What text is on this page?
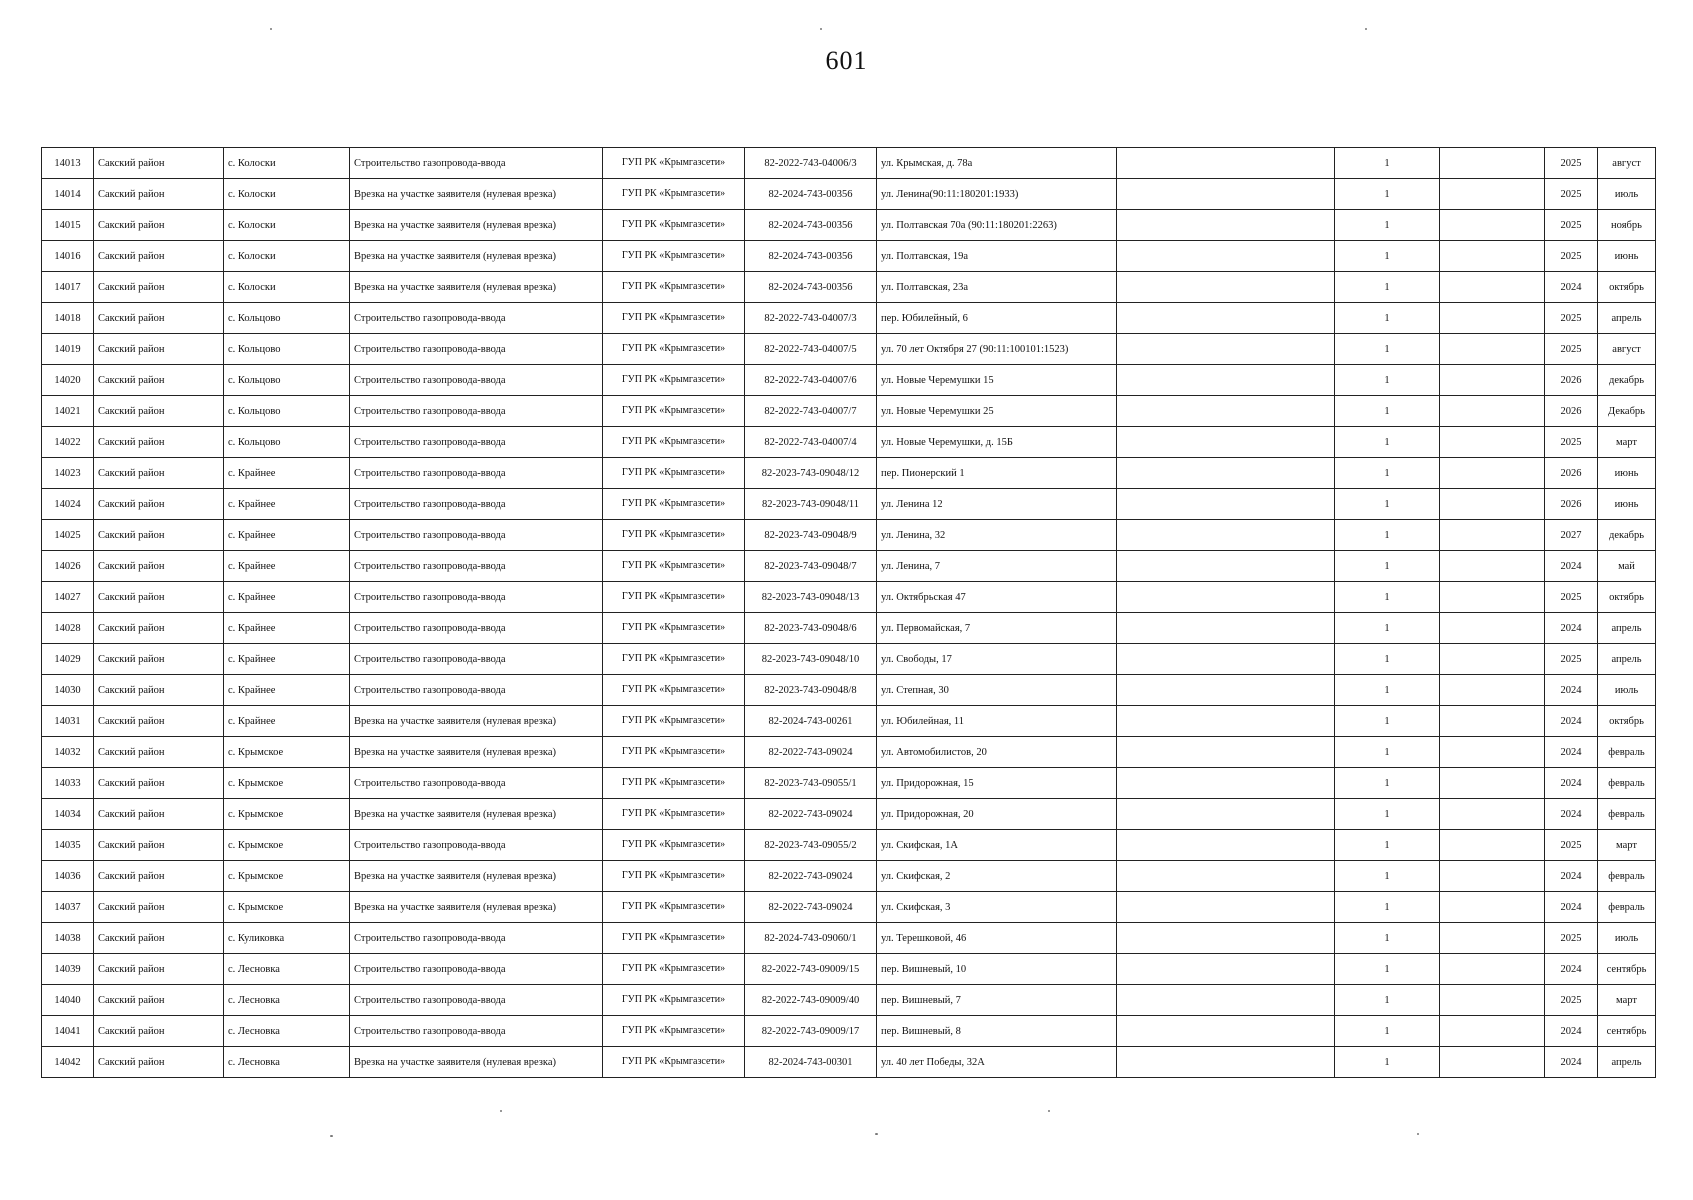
601
14013	Сакский район	с. Колоски	Строительство газопровода-ввода	ГУП РК «Крымгазсети»	82-2022-743-04006/3	ул. Крымская, д. 78а		1		2025	август
14014	Сакский район	с. Колоски	Врезка на участке заявителя (нулевая врезка)	ГУП РК «Крымгазсети»	82-2024-743-00356	ул. Ленина(90:11:180201:1933)		1		2025	июль
14015	Сакский район	с. Колоски	Врезка на участке заявителя (нулевая врезка)	ГУП РК «Крымгазсети»	82-2024-743-00356	ул. Полтавская 70а (90:11:180201:2263)		1		2025	ноябрь
14016	Сакский район	с. Колоски	Врезка на участке заявителя (нулевая врезка)	ГУП РК «Крымгазсети»	82-2024-743-00356	ул. Полтавская, 19а		1		2025	июнь
14017	Сакский район	с. Колоски	Врезка на участке заявителя (нулевая врезка)	ГУП РК «Крымгазсети»	82-2024-743-00356	ул. Полтавская, 23а		1		2024	октябрь
14018	Сакский район	с. Кольцово	Строительство газопровода-ввода	ГУП РК «Крымгазсети»	82-2022-743-04007/3	пер. Юбилейный, 6		1		2025	апрель
14019	Сакский район	с. Кольцово	Строительство газопровода-ввода	ГУП РК «Крымгазсети»	82-2022-743-04007/5	ул. 70 лет Октября 27 (90:11:100101:1523)		1		2025	август
14020	Сакский район	с. Кольцово	Строительство газопровода-ввода	ГУП РК «Крымгазсети»	82-2022-743-04007/6	ул. Новые Черемушки 15		1		2026	декабрь
14021	Сакский район	с. Кольцово	Строительство газопровода-ввода	ГУП РК «Крымгазсети»	82-2022-743-04007/7	ул. Новые Черемушки 25		1		2026	Декабрь
14022	Сакский район	с. Кольцово	Строительство газопровода-ввода	ГУП РК «Крымгазсети»	82-2022-743-04007/4	ул. Новые Черемушки, д. 15Б		1		2025	март
14023	Сакский район	с. Крайнее	Строительство газопровода-ввода	ГУП РК «Крымгазсети»	82-2023-743-09048/12	пер. Пионерский 1		1		2026	июнь
14024	Сакский район	с. Крайнее	Строительство газопровода-ввода	ГУП РК «Крымгазсети»	82-2023-743-09048/11	ул. Ленина 12		1		2026	июнь
14025	Сакский район	с. Крайнее	Строительство газопровода-ввода	ГУП РК «Крымгазсети»	82-2023-743-09048/9	ул. Ленина, 32		1		2027	декабрь
14026	Сакский район	с. Крайнее	Строительство газопровода-ввода	ГУП РК «Крымгазсети»	82-2023-743-09048/7	ул. Ленина, 7		1		2024	май
14027	Сакский район	с. Крайнее	Строительство газопровода-ввода	ГУП РК «Крымгазсети»	82-2023-743-09048/13	ул. Октябрьская 47		1		2025	октябрь
14028	Сакский район	с. Крайнее	Строительство газопровода-ввода	ГУП РК «Крымгазсети»	82-2023-743-09048/6	ул. Первомайская, 7		1		2024	апрель
14029	Сакский район	с. Крайнее	Строительство газопровода-ввода	ГУП РК «Крымгазсети»	82-2023-743-09048/10	ул. Свободы, 17		1		2025	апрель
14030	Сакский район	с. Крайнее	Строительство газопровода-ввода	ГУП РК «Крымгазсети»	82-2023-743-09048/8	ул. Степная, 30		1		2024	июль
14031	Сакский район	с. Крайнее	Врезка на участке заявителя (нулевая врезка)	ГУП РК «Крымгазсети»	82-2024-743-00261	ул. Юбилейная, 11		1		2024	октябрь
14032	Сакский район	с. Крымское	Врезка на участке заявителя (нулевая врезка)	ГУП РК «Крымгазсети»	82-2022-743-09024	ул. Автомобилистов, 20		1		2024	февраль
14033	Сакский район	с. Крымское	Строительство газопровода-ввода	ГУП РК «Крымгазсети»	82-2023-743-09055/1	ул. Придорожная, 15		1		2024	февраль
14034	Сакский район	с. Крымское	Врезка на участке заявителя (нулевая врезка)	ГУП РК «Крымгазсети»	82-2022-743-09024	ул. Придорожная, 20		1		2024	февраль
14035	Сакский район	с. Крымское	Строительство газопровода-ввода	ГУП РК «Крымгазсети»	82-2023-743-09055/2	ул. Скифская, 1А		1		2025	март
14036	Сакский район	с. Крымское	Врезка на участке заявителя (нулевая врезка)	ГУП РК «Крымгазсети»	82-2022-743-09024	ул. Скифская, 2		1		2024	февраль
14037	Сакский район	с. Крымское	Врезка на участке заявителя (нулевая врезка)	ГУП РК «Крымгазсети»	82-2022-743-09024	ул. Скифская, 3		1		2024	февраль
14038	Сакский район	с. Куликовка	Строительство газопровода-ввода	ГУП РК «Крымгазсети»	82-2024-743-09060/1	ул. Терешковой, 46		1		2025	июль
14039	Сакский район	с. Лесновка	Строительство газопровода-ввода	ГУП РК «Крымгазсети»	82-2022-743-09009/15	пер. Вишневый, 10		1		2024	сентябрь
14040	Сакский район	с. Лесновка	Строительство газопровода-ввода	ГУП РК «Крымгазсети»	82-2022-743-09009/40	пер. Вишневый, 7		1		2025	март
14041	Сакский район	с. Лесновка	Строительство газопровода-ввода	ГУП РК «Крымгазсети»	82-2022-743-09009/17	пер. Вишневый, 8		1		2024	сентябрь
14042	Сакский район	с. Лесновка	Врезка на участке заявителя (нулевая врезка)	ГУП РК «Крымгазсети»	82-2024-743-00301	ул. 40 лет Победы, 32А		1		2024	апрель
